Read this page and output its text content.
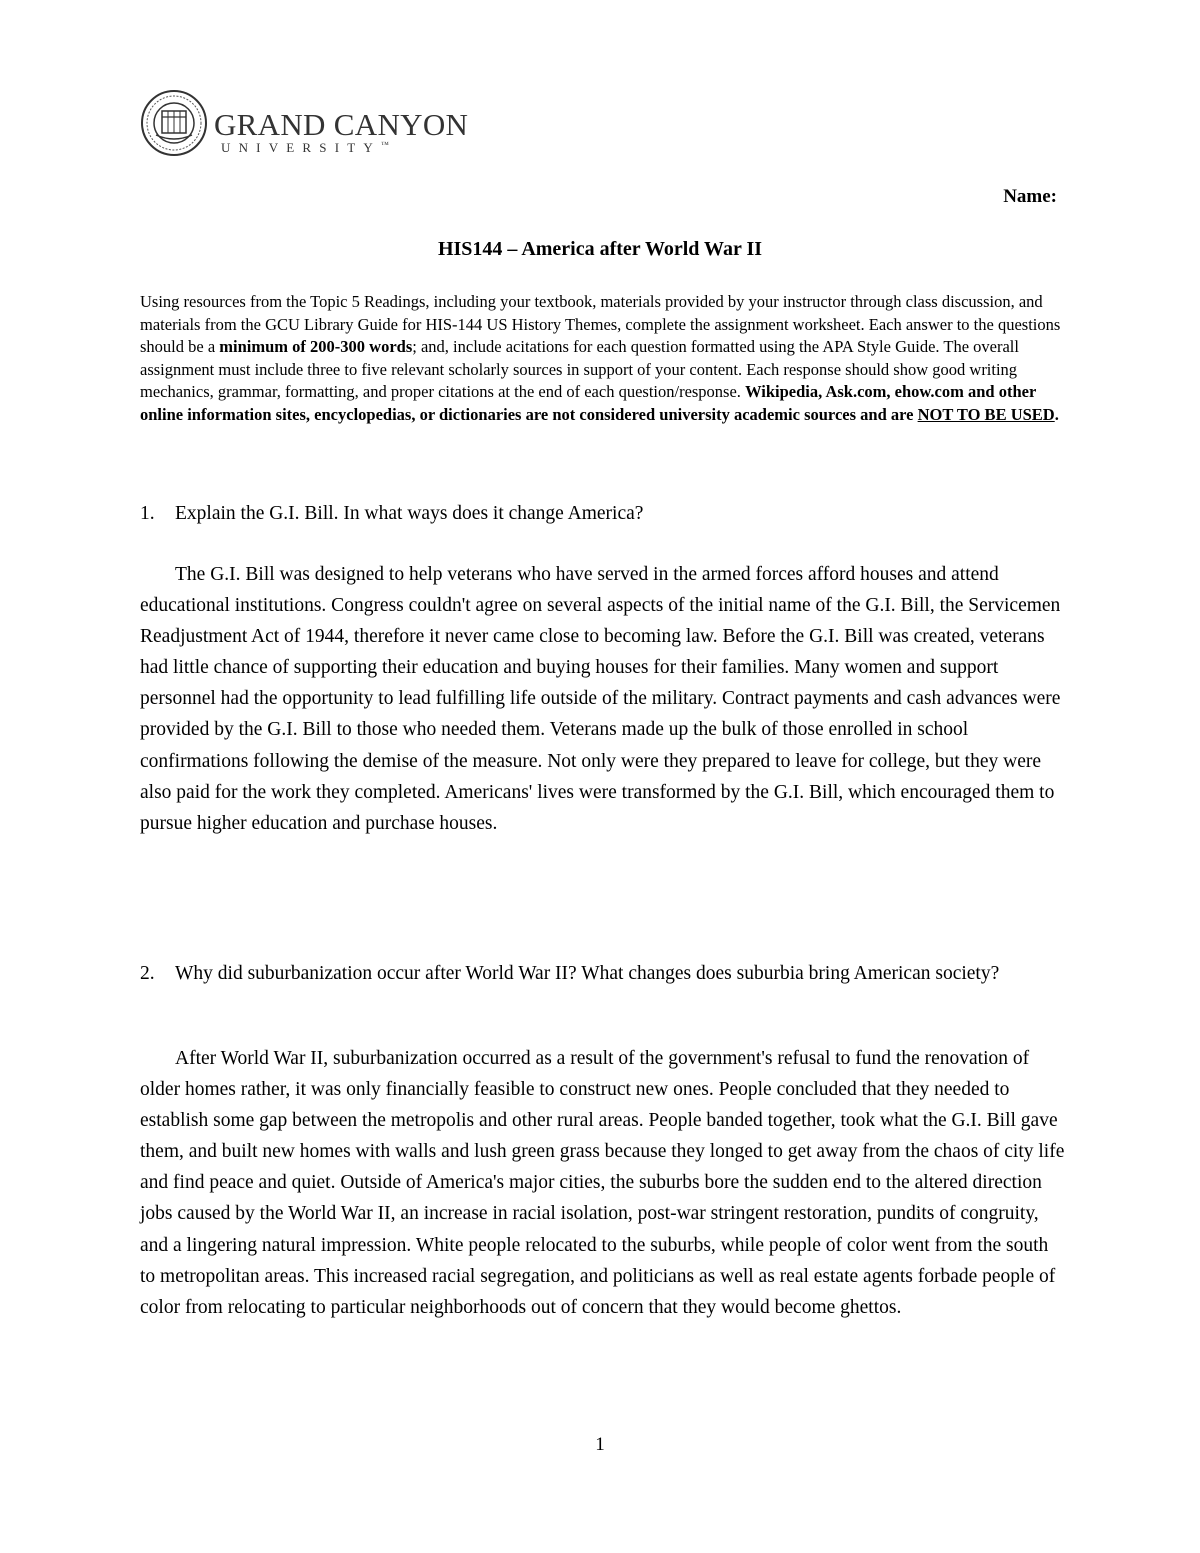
GRAND CANYON
UNIVERSITY™
Name:
HIS144 – America after World War II
Using resources from the Topic 5 Readings, including your textbook, materials provided by your instructor through class discussion, and materials from the GCU Library Guide for HIS-144 US History Themes, complete the assignment worksheet. Each answer to the questions should be a minimum of 200-300 words; and, include acitations for each question formatted using the APA Style Guide. The overall assignment must include three to five relevant scholarly sources in support of your content. Each response should show good writing mechanics, grammar, formatting, and proper citations at the end of each question/response. Wikipedia, Ask.com, ehow.com and other online information sites, encyclopedias, or dictionaries are not considered university academic sources and are NOT TO BE USED.
1. Explain the G.I. Bill. In what ways does it change America?
The G.I. Bill was designed to help veterans who have served in the armed forces afford houses and attend educational institutions. Congress couldn't agree on several aspects of the initial name of the G.I. Bill, the Servicemen Readjustment Act of 1944, therefore it never came close to becoming law. Before the G.I. Bill was created, veterans had little chance of supporting their education and buying houses for their families. Many women and support personnel had the opportunity to lead fulfilling life outside of the military. Contract payments and cash advances were provided by the G.I. Bill to those who needed them. Veterans made up the bulk of those enrolled in school confirmations following the demise of the measure. Not only were they prepared to leave for college, but they were also paid for the work they completed. Americans' lives were transformed by the G.I. Bill, which encouraged them to pursue higher education and purchase houses.
2. Why did suburbanization occur after World War II? What changes does suburbia bring American society?
After World War II, suburbanization occurred as a result of the government's refusal to fund the renovation of older homes rather, it was only financially feasible to construct new ones. People concluded that they needed to establish some gap between the metropolis and other rural areas. People banded together, took what the G.I. Bill gave them, and built new homes with walls and lush green grass because they longed to get away from the chaos of city life and find peace and quiet. Outside of America's major cities, the suburbs bore the sudden end to the altered direction jobs caused by the World War II, an increase in racial isolation, post-war stringent restoration, pundits of congruity, and a lingering natural impression. White people relocated to the suburbs, while people of color went from the south to metropolitan areas. This increased racial segregation, and politicians as well as real estate agents forbade people of color from relocating to particular neighborhoods out of concern that they would become ghettos.
1
